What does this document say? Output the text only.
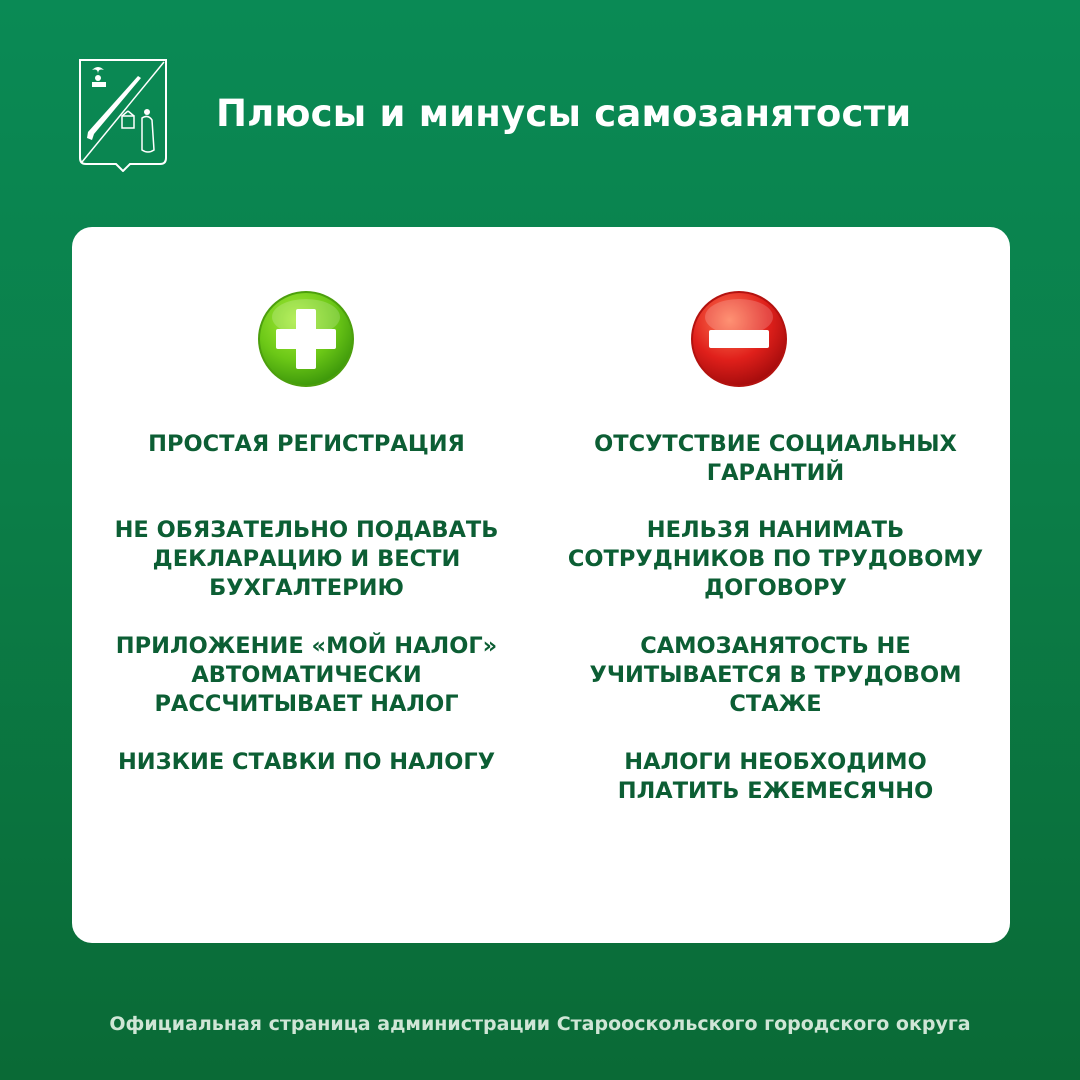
Плюсы и минусы самозанятости
ПРОСТАЯ РЕГИСТРАЦИЯ
НЕ ОБЯЗАТЕЛЬНО ПОДАВАТЬ ДЕКЛАРАЦИЮ И ВЕСТИ БУХГАЛТЕРИЮ
ПРИЛОЖЕНИЕ «МОЙ НАЛОГ» АВТОМАТИЧЕСКИ РАССЧИТЫВАЕТ НАЛОГ
НИЗКИЕ СТАВКИ ПО НАЛОГУ
ОТСУТСТВИЕ СОЦИАЛЬНЫХ ГАРАНТИЙ
НЕЛЬЗЯ НАНИМАТЬ СОТРУДНИКОВ ПО ТРУДОВОМУ ДОГОВОРУ
САМОЗАНЯТОСТЬ НЕ УЧИТЫВАЕТСЯ В ТРУДОВОМ СТАЖЕ
НАЛОГИ НЕОБХОДИМО ПЛАТИТЬ ЕЖЕМЕСЯЧНО
Официальная страница администрации Старооскольского городского округа
